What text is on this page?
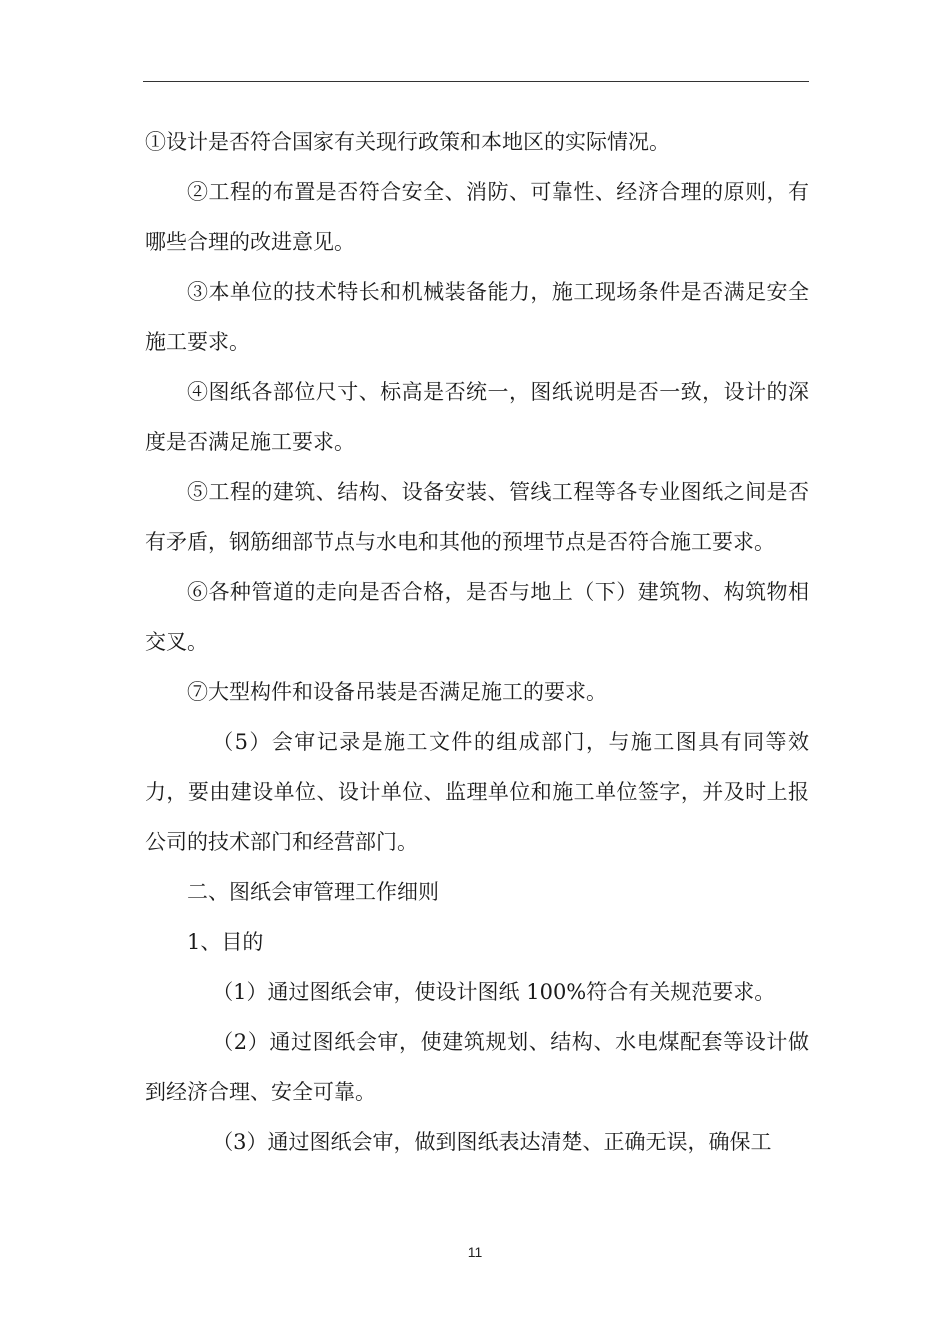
①设计是否符合国家有关现行政策和本地区的实际情况。

②工程的布置是否符合安全、消防、可靠性、经济合理的原则，有哪些合理的改进意见。

③本单位的技术特长和机械装备能力，施工现场条件是否满足安全施工要求。

④图纸各部位尺寸、标高是否统一，图纸说明是否一致，设计的深度是否满足施工要求。

⑤工程的建筑、结构、设备安装、管线工程等各专业图纸之间是否有矛盾，钢筋细部节点与水电和其他的预埋节点是否符合施工要求。

⑥各种管道的走向是否合格，是否与地上（下）建筑物、构筑物相交叉。

⑦大型构件和设备吊装是否满足施工的要求。

（5）会审记录是施工文件的组成部门，与施工图具有同等效力，要由建设单位、设计单位、监理单位和施工单位签字，并及时上报公司的技术部门和经营部门。

二、图纸会审管理工作细则

1、目的

（1）通过图纸会审，使设计图纸 100%符合有关规范要求。

（2）通过图纸会审，使建筑规划、结构、水电煤配套等设计做到经济合理、安全可靠。

（3）通过图纸会审，做到图纸表达清楚、正确无误，确保工

11
